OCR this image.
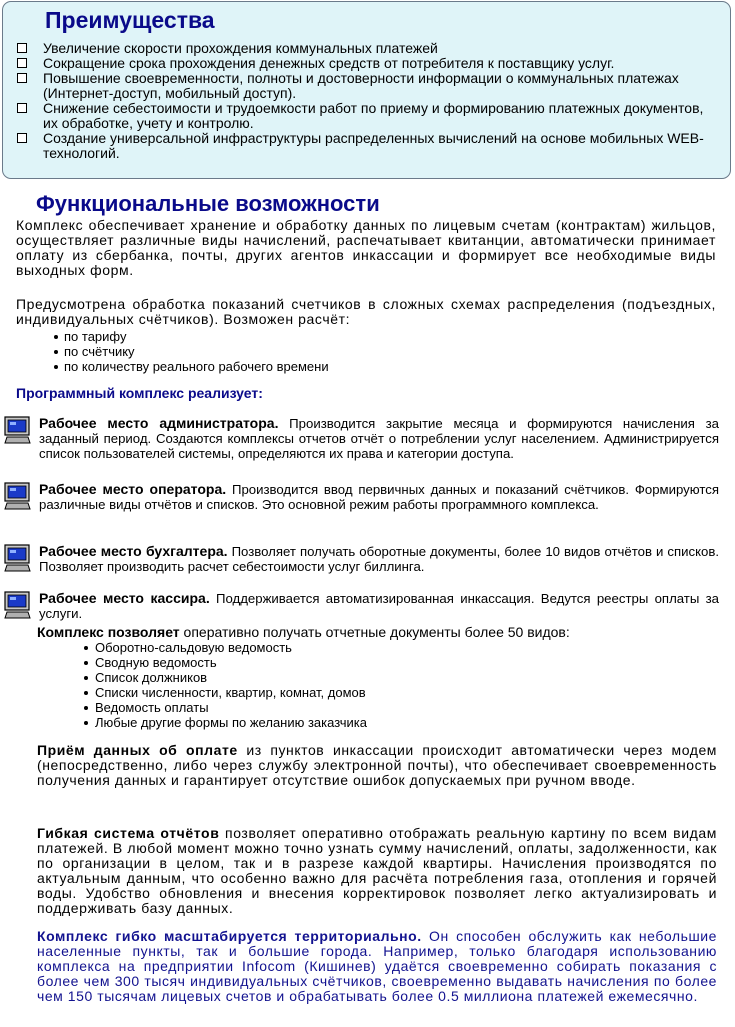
Преимущества
Увеличение скорости прохождения коммунальных платежей
Сокращение срока прохождения денежных средств от потребителя к поставщику услуг.
Повышение своевременности, полноты и достоверности информации о коммунальных платежах (Интернет-доступ, мобильный доступ).
Снижение себестоимости и трудоемкости работ по приему и формированию платежных документов, их обработке, учету и контролю.
Создание универсальной инфраструктуры распределенных вычислений на основе мобильных WEB-технологий.
Функциональные возможности

Комплекс обеспечивает хранение и обработку данных по лицевым счетам (контрактам) жильцов, осуществляет различные виды начислений, распечатывает квитанции, автоматически принимает оплату из сбербанка, почты, других агентов инкассации и формирует все необходимые виды выходных форм.

Предусмотрена обработка показаний счетчиков в сложных схемах распределения (подъездных, индивидуальных счётчиков). Возможен расчёт:

по тарифу
по счётчику
по количеству реального рабочего времени
Программный комплекс реализует:

Рабочее место администратора. Производится закрытие месяца и формируются начисления за заданный период. Создаются комплексы отчетов отчёт о потреблении услуг населением. Администрируется список пользователей системы, определяются их права и категории доступа.

Рабочее место оператора. Производится ввод первичных данных и показаний счётчиков. Формируются различные виды отчётов и списков. Это основной режим работы программного комплекса.

Рабочее место бухгалтера. Позволяет получать оборотные документы, более 10 видов отчётов и списков. Позволяет производить расчет себестоимости услуг биллинга.

Рабочее место кассира. Поддерживается автоматизированная инкассация. Ведутся реестры оплаты за услуги.

Комплекс позволяет оперативно получать отчетные документы более 50 видов:

Оборотно-сальдовую ведомость
Сводную ведомость
Список должников
Списки численности, квартир, комнат, домов
Ведомость оплаты
Любые другие формы по желанию заказчика

Приём данных об оплате из пунктов инкассации происходит автоматически через модем (непосредственно, либо через службу электронной почты), что обеспечивает своевременность получения данных и гарантирует отсутствие ошибок допускаемых при ручном вводе.

Гибкая система отчётов позволяет оперативно отображать реальную картину по всем видам платежей. В любой момент можно точно узнать сумму начислений, оплаты, задолженности, как по организации в целом, так и в разрезе каждой квартиры. Начисления производятся по актуальным данным, что особенно важно для расчёта потребления газа, отопления и горячей воды. Удобство обновления и внесения корректировок позволяет легко актуализировать и поддерживать базу данных.

Комплекс гибко масштабируется территориально. Он способен обслужить как небольшие населенные пункты, так и большие города. Например, только благодаря использованию комплекса на предприятии Infocom (Кишинев) удаётся своевременно собирать показания с более чем 300 тысяч индивидуальных счётчиков, своевременно выдавать начисления по более чем 150 тысячам лицевых счетов и обрабатывать более 0.5 миллиона платежей ежемесячно.
